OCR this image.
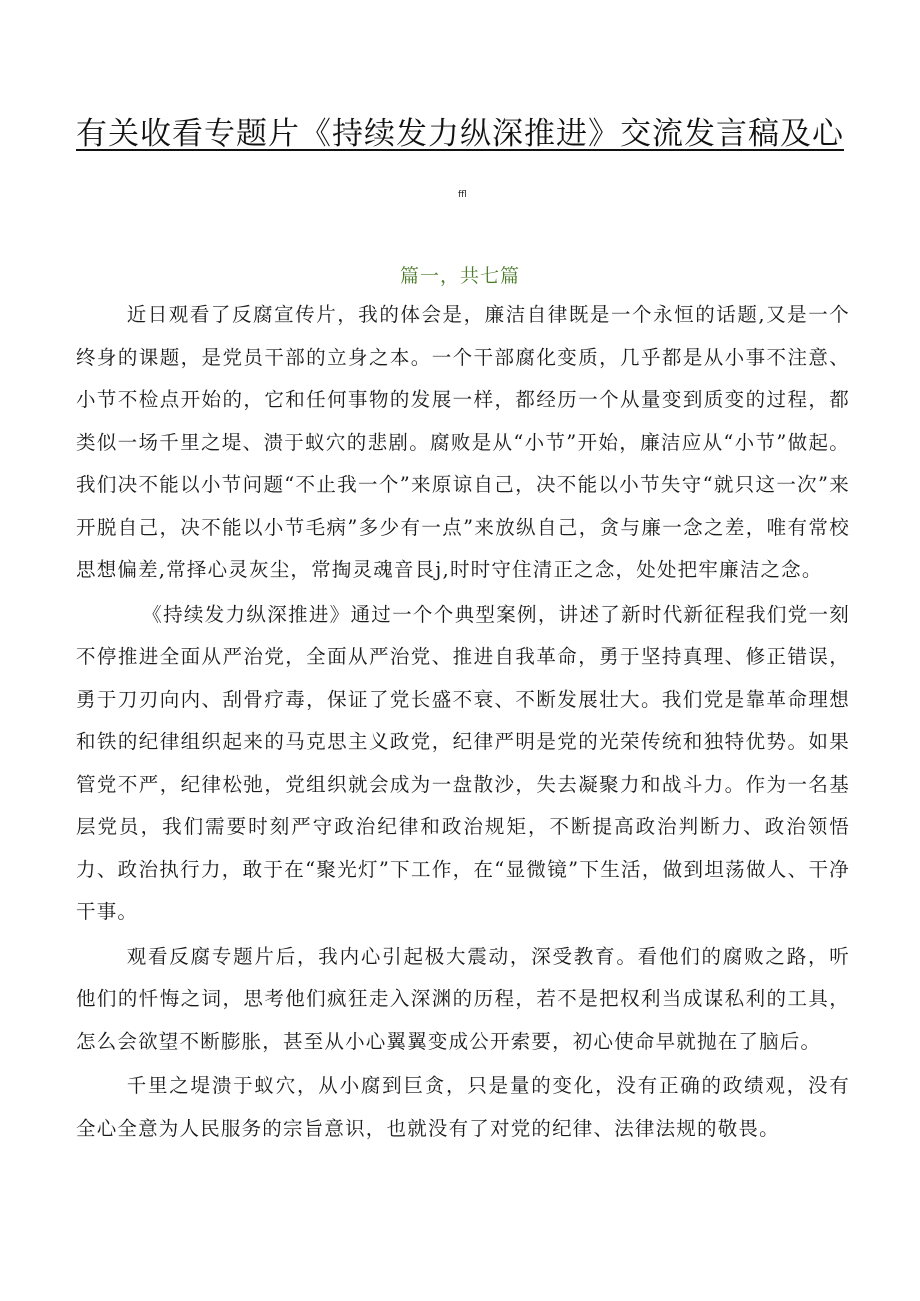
有关收看专题片《持续发力纵深推进》交流发言稿及心
ffl
篇一，共七篇

近日观看了反腐宣传片，我的体会是，廉洁自律既是一个永恒的话题,又是一个终身的课题，是党员干部的立身之本。一个干部腐化变质，几乎都是从小事不注意、小节不检点开始的，它和任何事物的发展一样，都经历一个从量变到质变的过程，都类似一场千里之堤、溃于蚁穴的悲剧。腐败是从“小节”开始，廉洁应从“小节”做起。我们决不能以小节问题“不止我一个”来原谅自己，决不能以小节失守“就只这一次”来开脱自己，决不能以小节毛病”多少有一点”来放纵自己，贪与廉一念之差，唯有常校思想偏差,常择心灵灰尘，常掏灵魂音艮j,时时守住清正之念，处处把牢廉洁之念。

《持续发力纵深推进》通过一个个典型案例，讲述了新时代新征程我们党一刻不停推进全面从严治党，全面从严治党、推进自我革命，勇于坚持真理、修正错误，勇于刀刃向内、刮骨疗毒，保证了党长盛不衰、不断发展壮大。我们党是靠革命理想和铁的纪律组织起来的马克思主义政党，纪律严明是党的光荣传统和独特优势。如果管党不严，纪律松弛，党组织就会成为一盘散沙，失去凝聚力和战斗力。作为一名基层党员，我们需要时刻严守政治纪律和政治规矩，不断提高政治判断力、政治领悟力、政治执行力，敢于在“聚光灯”下工作，在“显微镜”下生活，做到坦荡做人、干净干事。

观看反腐专题片后，我内心引起极大震动，深受教育。看他们的腐败之路，听他们的忏悔之词，思考他们疯狂走入深渊的历程，若不是把权利当成谋私利的工具，怎么会欲望不断膨胀，甚至从小心翼翼变成公开索要，初心使命早就抛在了脑后。

千里之堤溃于蚁穴，从小腐到巨贪，只是量的变化，没有正确的政绩观，没有全心全意为人民服务的宗旨意识，也就没有了对党的纪律、法律法规的敬畏。
